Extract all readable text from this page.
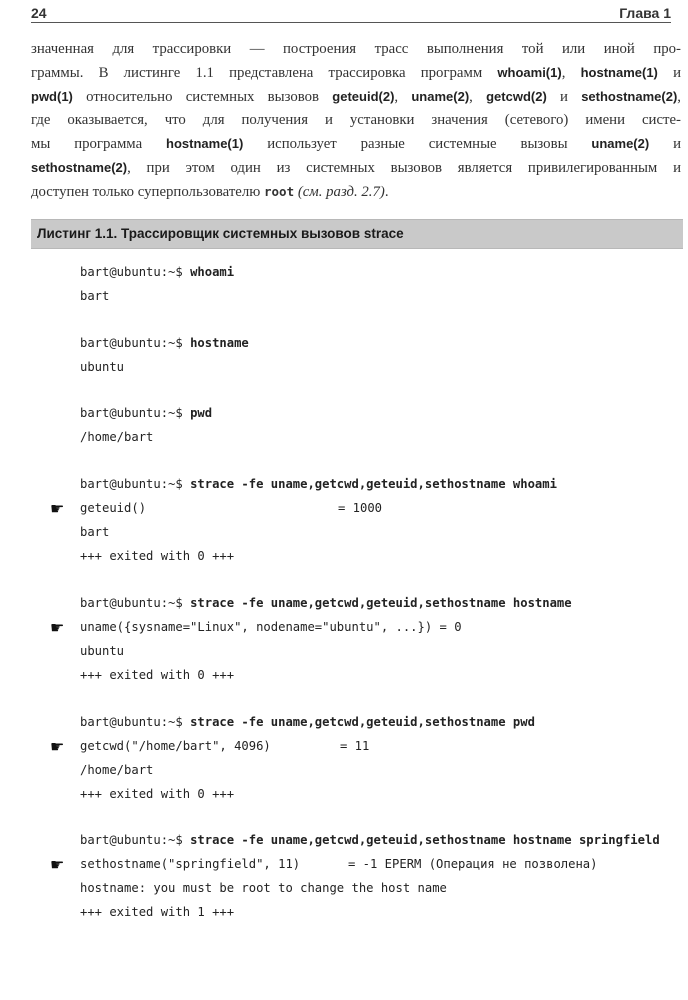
24	Глава 1
значенная для трассировки — построения трасс выполнения той или иной про-
граммы. В листинге 1.1 представлена трассировка программ whoami(1), hostname(1) и
pwd(1) относительно системных вызовов geteuid(2), uname(2), getcwd(2) и sethostname(2),
где оказывается, что для получения и установки значения (сетевого) имени систе-
мы программа hostname(1) использует разные системные вызовы uname(2) и
sethostname(2), при этом один из системных вызовов является привилегированным и
доступен только суперпользователю root (см. разд. 2.7).
Листинг 1.1. Трассировщик системных вызовов strace
bart@ubuntu:~$ whoami
bart
bart@ubuntu:~$ hostname
ubuntu
bart@ubuntu:~$ pwd
/home/bart
bart@ubuntu:~$ strace -fe uname,getcwd,geteuid,sethostname whoami
☛	geteuid()	= 1000
bart
+++ exited with 0 +++
bart@ubuntu:~$ strace -fe uname,getcwd,geteuid,sethostname hostname
☛	uname({sysname="Linux", nodename="ubuntu", ...}) = 0
ubuntu
+++ exited with 0 +++
bart@ubuntu:~$ strace -fe uname,getcwd,geteuid,sethostname pwd
☛	getcwd("/home/bart", 4096)	= 11
/home/bart
+++ exited with 0 +++
bart@ubuntu:~$ strace -fe uname,getcwd,geteuid,sethostname hostname springfield
☛	sethostname("springfield", 11)	= -1 EPERM (Операция не позволена)
hostname: you must be root to change the host name
+++ exited with 1 +++
